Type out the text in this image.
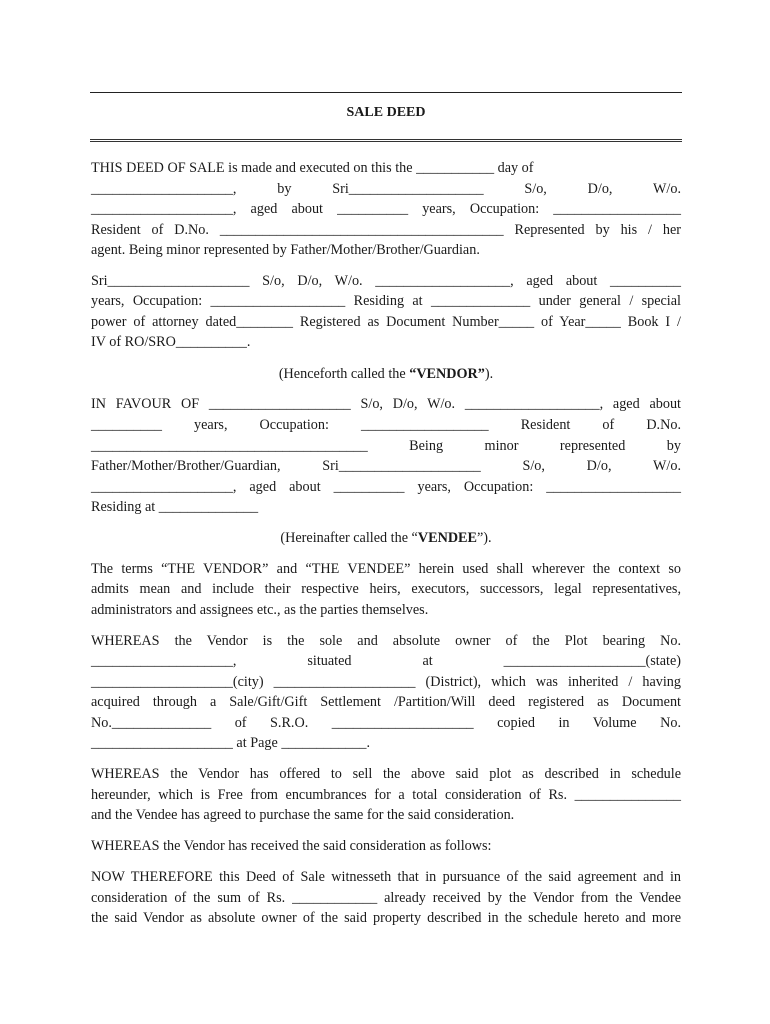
SALE DEED
THIS DEED OF SALE is made and executed on this the ___________ day of
____________________, by Sri___________________ S/o, D/o, W/o.
____________________, aged about __________ years, Occupation: __________________
Resident of D.No. ________________________________________ Represented by his / her
agent. Being minor represented by Father/Mother/Brother/Guardian.
Sri____________________ S/o, D/o, W/o. ___________________, aged about __________
years, Occupation: ___________________ Residing at ______________ under general / special
power of attorney dated________ Registered as Document Number_____ of Year_____ Book I /
IV of RO/SRO__________.
(Henceforth called the “VENDOR”).
IN FAVOUR OF ____________________ S/o, D/o, W/o. ___________________, aged about
__________ years, Occupation: __________________ Resident of D.No.
_______________________________________ Being minor represented by
Father/Mother/Brother/Guardian, Sri____________________ S/o, D/o, W/o.
____________________, aged about __________ years, Occupation: ___________________
Residing at ______________
(Hereinafter called the “VENDEE”).
The terms “THE VENDOR” and “THE VENDEE” herein used shall wherever the context so
admits mean and include their respective heirs, executors, successors, legal representatives,
administrators and assignees etc., as the parties themselves.
WHEREAS the Vendor is the sole and absolute owner of the Plot bearing No.
____________________, situated at ____________________(state)
____________________(city) ____________________ (District), which was inherited / having
acquired through a Sale/Gift/Gift Settlement /Partition/Will deed registered as Document
No.______________ of S.R.O. ____________________ copied in Volume No.
____________________ at Page ____________.
WHEREAS the Vendor has offered to sell the above said plot as described in schedule
hereunder, which is Free from encumbrances for a total consideration of Rs. _______________
and the Vendee has agreed to purchase the same for the said consideration.
WHEREAS the Vendor has received the said consideration as follows:
NOW THEREFORE this Deed of Sale witnesseth that in pursuance of the said agreement and in
consideration of the sum of Rs. ____________ already received by the Vendor from the Vendee
the said Vendor as absolute owner of the said property described in the schedule hereto and more
